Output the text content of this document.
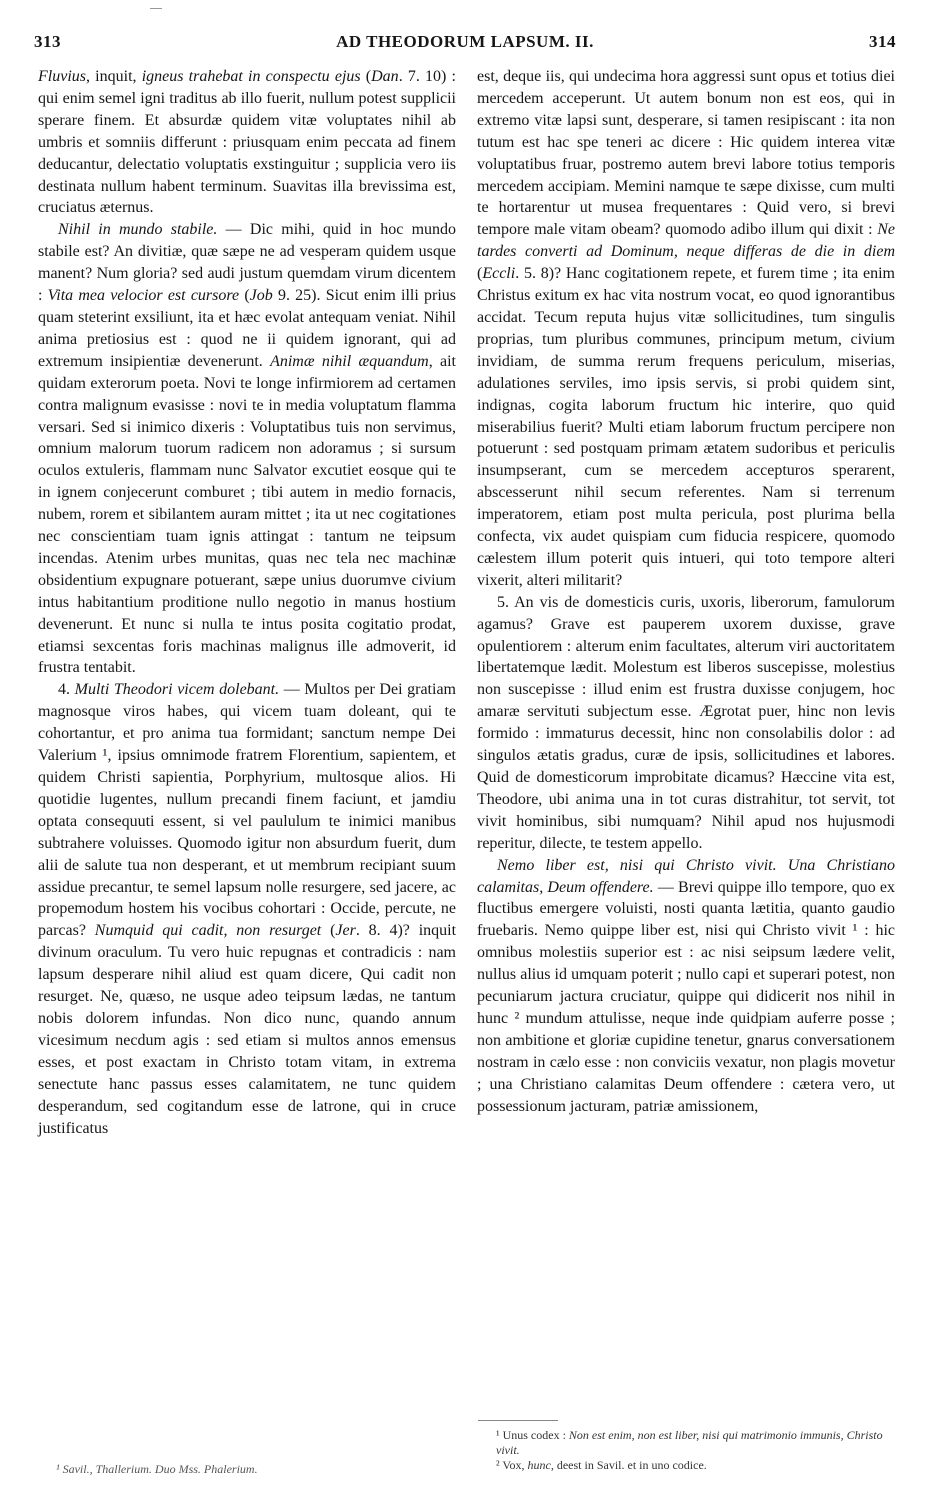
313	AD THEODORUM LAPSUM. II.	314

Fluvius, inquit, igneus trahebat in conspectu ejus (Dan. 7. 10) : qui enim semel igni traditus ab illo fuerit, nullum potest supplicii sperare finem. Et absurdæ quidem vitæ voluptates nihil ab umbris et somniis differunt : priusquam enim peccata ad finem deducantur, delectatio voluptatis exstinguitur ; supplicia vero iis destinata nullum habent terminum. Suavitas illa brevissima est, cruciatus æternus.

Nihil in mundo stabile. — Dic mihi, quid in hoc mundo stabile est? An divitiæ, quæ sæpe ne ad vesperam quidem usque manent? Num gloria? sed audi justum quemdam virum dicentem : Vita mea velocior est cursore (Job 9. 25). Sicut enim illi prius quam steterint exsiliunt, ita et hæc evolat antequam veniat. Nihil anima pretiosius est : quod ne ii quidem ignorant, qui ad extremum insipientiæ devenerunt. Animæ nihil æquandum, ait quidam exterorum poeta. Novi te longe infirmiorem ad certamen contra malignum evasisse : novi te in media voluptatum flamma versari. Sed si inimico dixeris : Voluptatibus tuis non servimus, omnium malorum tuorum radicem non adoramus ; si sursum oculos extuleris, flammam nunc Salvator excutiet eosque qui te in ignem conjecerunt comburet ; tibi autem in medio fornacis, nubem, rorem et sibilantem auram mittet ; ita ut nec cogitationes nec conscientiam tuam ignis attingat : tantum ne teipsum incendas. Atenim urbes munitas, quas nec tela nec machinæ obsidentium expugnare potuerant, sæpe unius duorumve civium intus habitantium proditione nullo negotio in manus hostium devenerunt. Et nunc si nulla te intus posita cogitatio prodat, etiamsi sexcentas foris machinas malignus ille admoverit, id frustra tentabit.

4. Multi Theodori vicem dolebant. — Multos per Dei gratiam magnosque viros habes, qui vicem tuam doleant, qui te cohortantur, et pro anima tua formidant; sanctum nempe Dei Valerium ¹, ipsius omnimode fratrem Florentium, sapientem, et quidem Christi sapientia, Porphyrium, multosque alios. Hi quotidie lugentes, nullum precandi finem faciunt, et jamdiu optata consequuti essent, si vel paululum te inimici manibus subtrahere voluisses. Quomodo igitur non absurdum fuerit, dum alii de salute tua non desperant, et ut membrum recipiant suum assidue precantur, te semel lapsum nolle resurgere, sed jacere, ac propemodum hostem his vocibus cohortari : Occide, percute, ne parcas? Numquid qui cadit, non resurget (Jer. 8. 4)? inquit divinum oraculum. Tu vero huic repugnas et contradicis : nam lapsum desperare nihil aliud est quam dicere, Qui cadit non resurget. Ne, quæso, ne usque adeo teipsum lædas, ne tantum nobis dolorem infundas. Non dico nunc, quando annum vicesimum necdum agis : sed etiam si multos annos emensus esses, et post exactam in Christo totam vitam, in extrema senectute hanc passus esses calamitatem, ne tunc quidem desperandum, sed cogitandum esse de latrone, qui in cruce justificatus

est, deque iis, qui undecima hora aggressi sunt opus et totius diei mercedem acceperunt. Ut autem bonum non est eos, qui in extremo vitæ lapsi sunt, desperare, si tamen resipiscant : ita non tutum est hac spe teneri ac dicere : Hic quidem interea vitæ voluptatibus fruar, postremo autem brevi labore totius temporis mercedem accipiam. Memini namque te sæpe dixisse, cum multi te hortarentur ut musea frequentares : Quid vero, si brevi tempore male vitam obeam? quomodo adibo illum qui dixit : Ne tardes converti ad Dominum, neque differas de die in diem (Eccli. 5. 8)? Hanc cogitationem repete, et furem time ; ita enim Christus exitum ex hac vita nostrum vocat, eo quod ignorantibus accidat. Tecum reputa hujus vitæ sollicitudines, tum singulis proprias, tum pluribus communes, principum metum, civium invidiam, de summa rerum frequens periculum, miserias, adulationes serviles, imo ipsis servis, si probi quidem sint, indignas, cogita laborum fructum hic interire, quo quid miserabilius fuerit? Multi etiam laborum fructum percipere non potuerunt : sed postquam primam ætatem sudoribus et periculis insumpserant, cum se mercedem accepturos sperarent, abscesserunt nihil secum referentes. Nam si terrenum imperatorem, etiam post multa pericula, post plurima bella confecta, vix audet quispiam cum fiducia respicere, quomodo cælestem illum poterit quis intueri, qui toto tempore alteri vixerit, alteri militarit?

5. An vis de domesticis curis, uxoris, liberorum, famulorum agamus? Grave est pauperem uxorem duxisse, grave opulentiorem : alterum enim facultates, alterum viri auctoritatem libertatemque lædit. Molestum est liberos suscepisse, molestius non suscepisse : illud enim est frustra duxisse conjugem, hoc amaræ servituti subjectum esse. Ægrotat puer, hinc non levis formido : immaturus decessit, hinc non consolabilis dolor : ad singulos ætatis gradus, curæ de ipsis, sollicitudines et labores. Quid de domesticorum improbitate dicamus? Hæccine vita est, Theodore, ubi anima una in tot curas distrahitur, tot servit, tot vivit hominibus, sibi numquam? Nihil apud nos hujusmodi reperitur, dilecte, te testem appello.

Nemo liber est, nisi qui Christo vivit. Una Christiano calamitas, Deum offendere. — Brevi quippe illo tempore, quo ex fluctibus emergere voluisti, nosti quanta lætitia, quanto gaudio fruebaris. Nemo quippe liber est, nisi qui Christo vivit ¹ : hic omnibus molestiis superior est : ac nisi seipsum lædere velit, nullus alius id umquam poterit ; nullo capi et superari potest, non pecuniarum jactura cruciatur, quippe qui didicerit nos nihil in hunc ² mundum attulisse, neque inde quidpiam auferre posse ; non ambitione et gloriæ cupidine tenetur, gnarus conversationem nostram in cælo esse : non conviciis vexatur, non plagis movetur ; una Christiano calamitas Deum offendere : cætera vero, ut possessionum jacturam, patriæ amissionem,

¹ Unus codex : Non est enim, non est liber, nisi qui matrimonio immunis, Christo vivit.
² Vox, hunc, deest in Savil. et in uno codice.
¹ Savil., Thallerium. Duo Mss. Phalerium.
